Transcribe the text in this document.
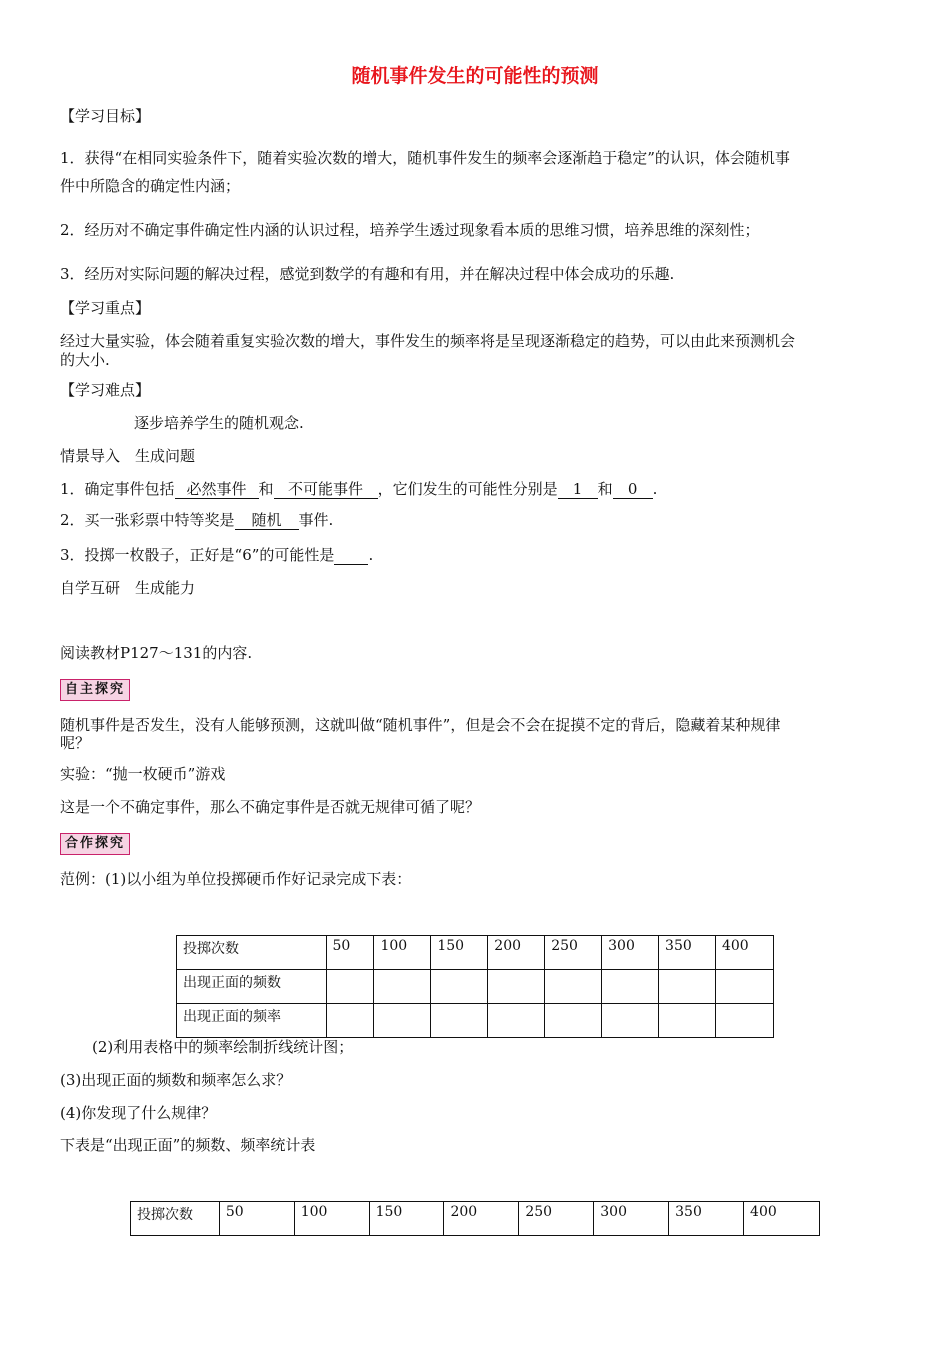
随机事件发生的可能性的预测
【学习目标】
1．获得“在相同实验条件下，随着实验次数的增大，随机事件发生的频率会逐渐趋于稳定”的认识，体会随机事
件中所隐含的确定性内涵；
2．经历对不确定事件确定性内涵的认识过程，培养学生透过现象看本质的思维习惯，培养思维的深刻性；
3．经历对实际问题的解决过程，感觉到数学的有趣和有用，并在解决过程中体会成功的乐趣.
【学习重点】
经过大量实验，体会随着重复实验次数的增大，事件发生的频率将是呈现逐渐稳定的趋势，可以由此来预测机会
的大小.
【学习难点】
逐步培养学生的随机观念.
情景导入　生成问题
1．确定事件包括 必然事件 和 不可能事件 ，它们发生的可能性分别是 1 和 0 .
2．买一张彩票中特等奖是 随机 事件.
3．投掷一枚骰子，正好是“6”的可能性是 .
自学互研　生成能力
阅读教材P127～131的内容.
自主探究
随机事件是否发生，没有人能够预测，这就叫做“随机事件”，但是会不会在捉摸不定的背后，隐藏着某种规律
呢？
实验：“抛一枚硬币”游戏
这是一个不确定事件，那么不确定事件是否就无规律可循了呢？
合作探究
范例：(1)以小组为单位投掷硬币作好记录完成下表：
投掷次数	50	100	150	200	250	300	350	400
出现正面的频数								
出现正面的频率								
(2)利用表格中的频率绘制折线统计图；
(3)出现正面的频数和频率怎么求？
(4)你发现了什么规律？
下表是“出现正面”的频数、频率统计表
投掷次数	50	100	150	200	250	300	350	400
